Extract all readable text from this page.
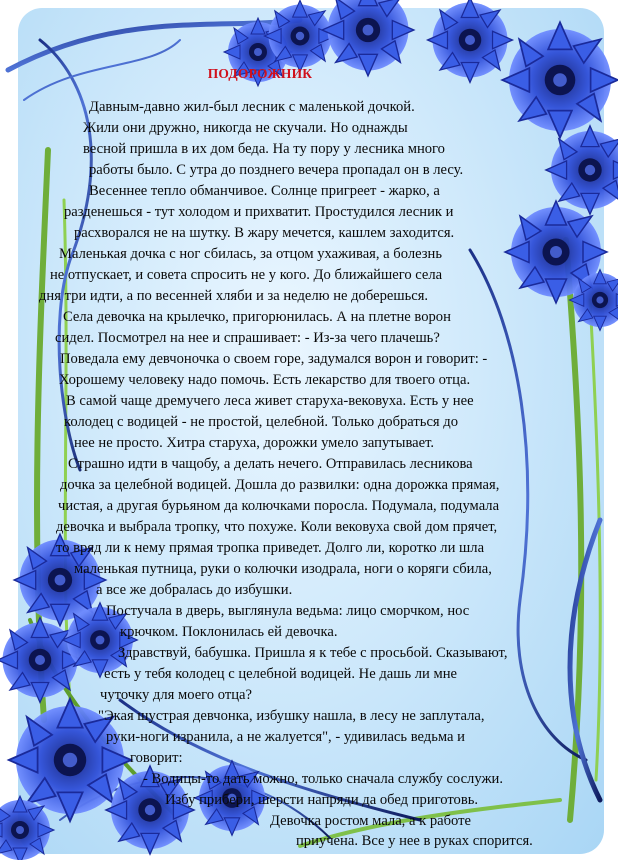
ПОДОРОЖНИК
Давным-давно жил-был лесник с маленькой дочкой.
Жили они дружно, никогда не скучали. Но однажды
весной пришла в их дом беда. На ту пору у лесника много
работы было. С утра до позднего вечера пропадал он в лесу.
Весеннее тепло обманчивое. Солнце пригреет - жарко, а
разденешься - тут холодом и прихватит. Простудился лесник и
расхворался не на шутку. В жару мечется, кашлем заходится.
Маленькая дочка с ног сбилась, за отцом ухаживая, а болезнь
не отпускает, и совета спросить не у кого. До ближайшего села
дня три идти, а по весенней хляби и за неделю не доберешься.
Села девочка на крылечко, пригорюнилась. А на плетне ворон
сидел. Посмотрел на нее и спрашивает: - Из-за чего плачешь?
Поведала ему девчоночка о своем горе, задумался ворон и говорит: -
Хорошему человеку надо помочь. Есть лекарство для твоего отца.
В самой чаще дремучего леса живет старуха-вековуха. Есть у нее
колодец с водицей - не простой, целебной. Только добраться до
нее не просто. Хитра старуха, дорожки умело запутывает.
Страшно идти в чащобу, а делать нечего. Отправилась лесникова
дочка за целебной водицей. Дошла до развилки: одна дорожка прямая,
чистая, а другая бурьяном да колючками поросла. Подумала, подумала
девочка и выбрала тропку, что похуже. Коли вековуха свой дом прячет,
то вряд ли к нему прямая тропка приведет. Долго ли, коротко ли шла
маленькая путница, руки о колючки изодрала, ноги о коряги сбила,
а все же добралась до избушки.
Постучала в дверь, выглянула ведьма: лицо сморчком, нос
крючком. Поклонилась ей девочка.
Здравствуй, бабушка. Пришла я к тебе с просьбой. Сказывают,
есть у тебя колодец с целебной водицей. Не дашь ли мне
чуточку для моего отца?
"Экая шустрая девчонка, избушку нашла, в лесу не заплутала,
руки-ноги изранила, а не жалуется", - удивилась ведьма и
говорит:
- Водицы-то дать можно, только сначала службу сослужи.
Избу прибери, шерсти напряди да обед приготовь.
Девочка ростом мала, а к работе
приучена. Все у нее в руках спорится.
